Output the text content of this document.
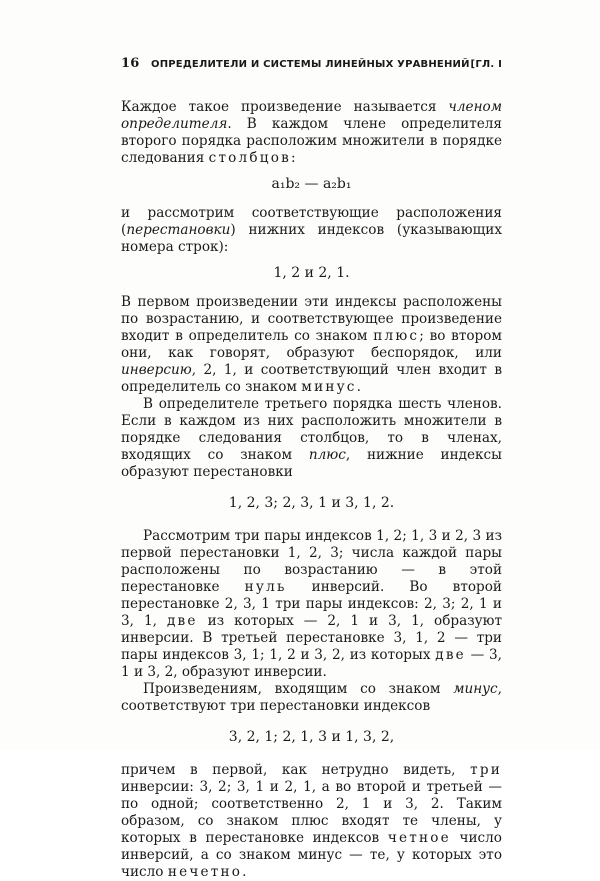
16	ОПРЕДЕЛИТЕЛИ И СИСТЕМЫ ЛИНЕЙНЫХ УРАВНЕНИЙ [ГЛ. I

Каждое такое произведение называется членом определителя. В каждом члене определителя второго порядка расположим множители в порядке следования столбцов:

a₁b₂ — a₂b₁

и рассмотрим соответствующие расположения (перестановки) нижних индексов (указывающих номера строк):

1, 2 и 2, 1.

В первом произведении эти индексы расположены по возрастанию, и соответствующее произведение входит в определитель со знаком плюс; во втором они, как говорят, образуют беспорядок, или инверсию, 2, 1, и соответствующий член входит в определитель со знаком минус.

В определителе третьего порядка шесть членов. Если в каждом из них расположить множители в порядке следования столбцов, то в членах, входящих со знаком плюс, нижние индексы образуют перестановки

1, 2, 3; 2, 3, 1 и 3, 1, 2.

Рассмотрим три пары индексов 1, 2; 1, 3 и 2, 3 из первой перестановки 1, 2, 3; числа каждой пары расположены по возрастанию — в этой перестановке нуль инверсий. Во второй перестановке 2, 3, 1 три пары индексов: 2, 3; 2, 1 и 3, 1, две из которых — 2, 1 и 3, 1, образуют инверсии. В третьей перестановке 3, 1, 2 — три пары индексов 3, 1; 1, 2 и 3, 2, из которых две — 3, 1 и 3, 2, образуют инверсии.

Произведениям, входящим со знаком минус, соответствуют три перестановки индексов

3, 2, 1; 2, 1, 3 и 1, 3, 2,

причем в первой, как нетрудно видеть, три инверсии: 3, 2; 3, 1 и 2, 1, а во второй и третьей — по одной; соответственно 2, 1 и 3, 2. Таким образом, со знаком плюс входят те члены, у которых в перестановке индексов четное число инверсий, а со знаком минус — те, у которых это число нечетно.
